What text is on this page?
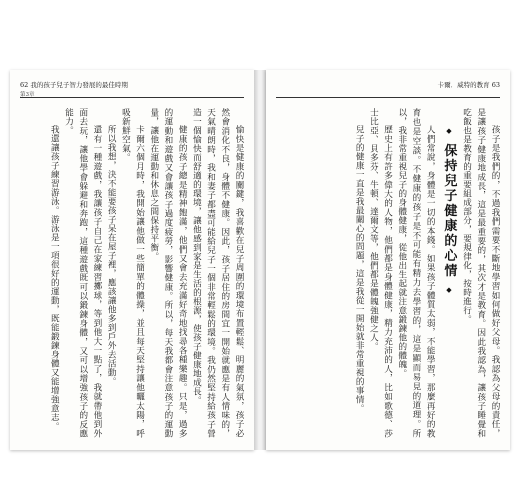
62 我的孩子兒子智力發展的最佳時期
第3章

愉快是健康的關鍵，我喜歡在兒子周圍的環境布置輕鬆、明麗的氣氛，孩子必然會消化不良，身體不健康。因此，孩子居住的房間宜一開始就應是有人情味的，天氣晴朗時，我和妻子都盡可能給兒子一個非常輕鬆的環境。我仍然堅持給孩子營造一個愉快而舒適的環境，讓他感到家是生活的根源，使孩子健康地成長。

健康的孩子總是精神飽滿，他們又會去充滿好奇地找尋各種樂趣。只是，過多的運動和遊戲又會讓孩子過度疲勞，影響健康。所以，每天我都會注意孩子的運動量，讓他在運動和休息之間保持平衡。

卡爾六個月時，我開始讓他做一些簡單的體操，並且每天堅持讓他曬太陽，呼吸新鮮空氣。

所以我想，決不能要孩子呆在屋子裡，應該讓他多到戶外去活動。

還有一種遊戲，我讓孩子自己在家練習擲球，等到他大一點了，我就帶他到外面去玩，讓他學會躲避和奔跑，這種遊戲既可以鍛鍊身體，又可以增強孩子的反應能力。

我還讓孩子練習游泳。游泳是一項很好的運動，既能鍛鍊身體又能增強意志。

卡爾．威特的教育 63

孩子是我們的，不過我們需要不斷地學習如何做好父母。我認為父母的責任，是讓孩子健康地成長，這是最重要的，其次才是教育。因此我認為，讓孩子睡覺和吃飯也是教育的重要組成部分，要規律化，按時進行。

◆ 保持兒子健康的心情 ◆

人們常說，身體是一切的本錢。如果孩子體質太弱，不能學習，那麼再好的教育也是空談。不健康的孩子是不可能有精力去學習的，這是顯而易見的道理。所以，我非常重視兒子的身體健康，從他出生起就注意鍛鍊他的體魄。

歷史上有許多偉大的人物，他們都是身體健康，精力充沛的人，比如歌德、莎士比亞、貝多芬、牛頓、達爾文等，他們都是體魄強健之人。

兒子的健康一直是我最關心的問題，這是我從一開始就非常重視的事情。
